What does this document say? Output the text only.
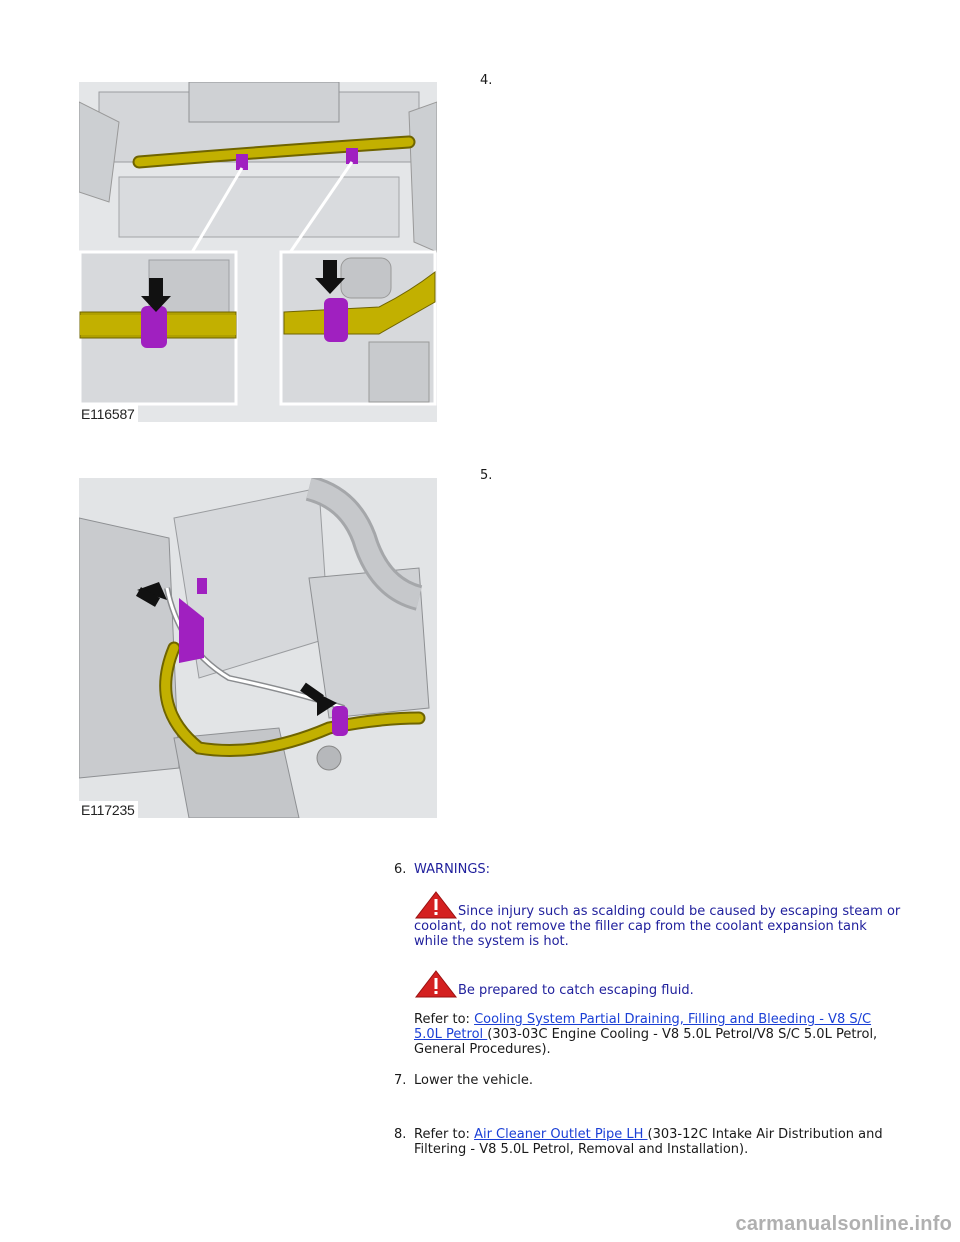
4.
E116587
5.
E117235
6. WARNINGS:
Since injury such as scalding could be caused by escaping steam or
coolant, do not remove the filler cap from the coolant expansion tank
while the system is hot.
Be prepared to catch escaping fluid.
Refer to: Cooling System Partial Draining, Filling and Bleeding - V8 S/C
5.0L Petrol (303-03C Engine Cooling - V8 5.0L Petrol/V8 S/C 5.0L Petrol,
General Procedures).
7. Lower the vehicle.
8. Refer to: Air Cleaner Outlet Pipe LH (303-12C Intake Air Distribution and
Filtering - V8 5.0L Petrol, Removal and Installation).
carmanualsonline.info
